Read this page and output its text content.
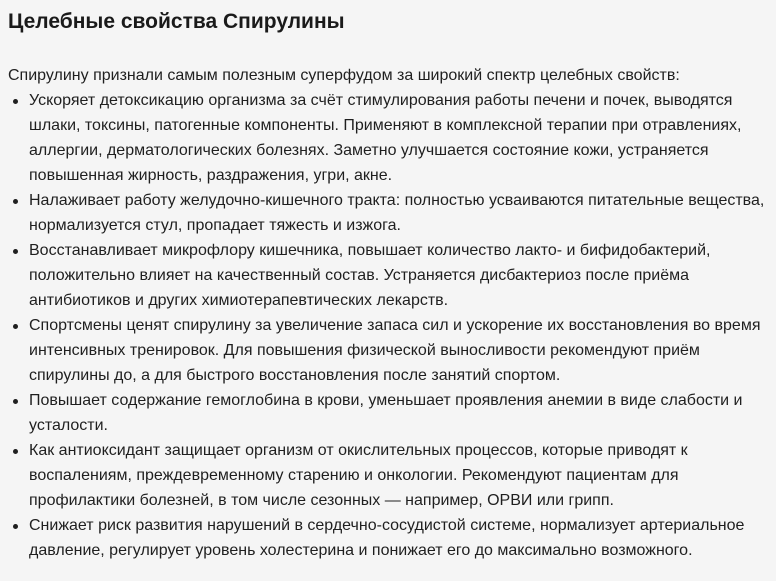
Целебные свойства Спирулины

Спирулину признали самым полезным суперфудом за широкий спектр целебных свойств:

Ускоряет детоксикацию организма за счёт стимулирования работы печени и почек, выводятся шлаки, токсины, патогенные компоненты. Применяют в комплексной терапии при отравлениях, аллергии, дерматологических болезнях. Заметно улучшается состояние кожи, устраняется повышенная жирность, раздражения, угри, акне.
Налаживает работу желудочно-кишечного тракта: полностью усваиваются питательные вещества, нормализуется стул, пропадает тяжесть и изжога.
Восстанавливает микрофлору кишечника, повышает количество лакто- и бифидобактерий, положительно влияет на качественный состав. Устраняется дисбактериоз после приёма антибиотиков и других химиотерапевтических лекарств.
Спортсмены ценят спирулину за увеличение запаса сил и ускорение их восстановления во время интенсивных тренировок. Для повышения физической выносливости рекомендуют приём спирулины до, а для быстрого восстановления после занятий спортом.
Повышает содержание гемоглобина в крови, уменьшает проявления анемии в виде слабости и усталости.
Как антиоксидант защищает организм от окислительных процессов, которые приводят к воспалениям, преждевременному старению и онкологии. Рекомендуют пациентам для профилактики болезней, в том числе сезонных — например, ОРВИ или грипп.
Снижает риск развития нарушений в сердечно-сосудистой системе, нормализует артериальное давление, регулирует уровень холестерина и понижает его до максимально возможного.
